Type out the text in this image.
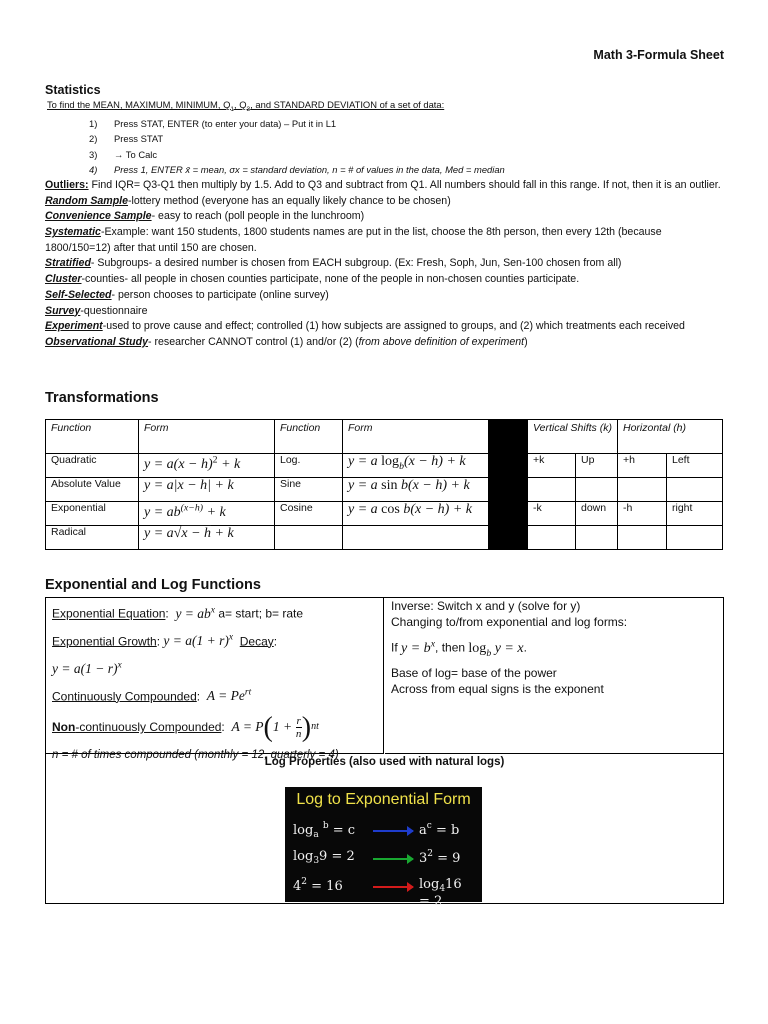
Math 3-Formula Sheet
Statistics
To find the MEAN, MAXIMUM, MINIMUM, $Q_1$, $Q_3$, and STANDARD DEVIATION of a set of data:
1) Press STAT, ENTER (to enter your data) – Put it in L1
2) Press STAT
3) → To Calc
4) Press 1, ENTER x̄ = mean, σx = standard deviation, n = # of values in the data, Med = median
Outliers: Find IQR= Q3-Q1 then multiply by 1.5. Add to Q3 and subtract from Q1. All numbers should fall in this range. If not, then it is an outlier.
Random Sample-lottery method (everyone has an equally likely chance to be chosen)
Convenience Sample- easy to reach (poll people in the lunchroom)
Systematic-Example: want 150 students, 1800 students names are put in the list, choose the 8th person, then every 12th (because 1800/150=12) after that until 150 are chosen.
Stratified- Subgroups- a desired number is chosen from EACH subgroup. (Ex: Fresh, Soph, Jun, Sen-100 chosen from all)
Cluster-counties- all people in chosen counties participate, none of the people in non-chosen counties participate.
Self-Selected- person chooses to participate (online survey)
Survey-questionnaire
Experiment-used to prove cause and effect; controlled (1) how subjects are assigned to groups, and (2) which treatments each received
Observational Study- researcher CANNOT control (1) and/or (2) (from above definition of experiment)
Transformations
Function	Form	Function	Form		Vertical Shifts (k)		Horizontal (h)	
Quadratic	$y = a(x - h)^2 + k$	Log.	y = a $\log_b(x - h) + k$		+k	Up	+h	Left
Absolute Value	y = a|x − h| + k	Sine	y = a sin b(x − h) + k					
Exponential	$y = ab^{(x-h)} + k$	Cosine	y = a cos b(x − h) + k		-k	down	-h	right
Radical	y = a√x − h + k							
Exponential and Log Functions
Exponential Equation:  $y = ab^x$ a= start; b= rate
Exponential Growth: $y = a(1 + r)^x$ Decay:
$y = a(1 - r)^x$
Continuously Compounded:  $A = Pe^{rt}$
Non-continuously Compounded:  $A = P(1 + \frac{r}{n} )^{nt}$
n = # of times compounded (monthly = 12, quarterly = 4)
Inverse: Switch x and y (solve for y)
Changing to/from exponential and log forms:
If $y = b^x$, then $\log_b y = x$.
Base of log= base of the power
Across from equal signs is the exponent
Log Properties (also used with natural logs)
Log to Exponential Form
$\log_a ^b = c$	$a^c = b$
$\log_39 = 2$	$3^2 = 9$
$4^2 = 16$	$\log_416 = 2$
